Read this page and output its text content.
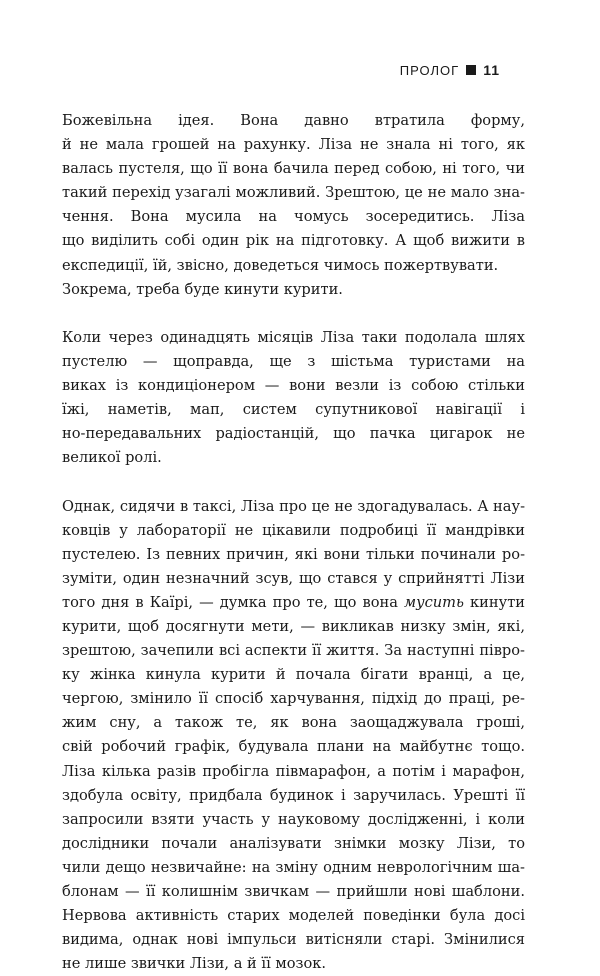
ПРОЛОГ 11
Божевільна ідея. Вона давно втратила форму,
й не мала грошей на рахунку. Ліза не знала ні того, як
валась пустеля, що її вона бачила перед собою, ні того, чи
такий перехід узагалі можливий. Зрештою, це не мало зна-
чення. Вона мусила на чомусь зосередитись. Ліза
що виділить собі один рік на підготовку. А щоб вижити в
експедиції, їй, звісно, доведеться чимось пожертвувати.
Зокрема, треба буде кинути курити.
Коли через одинадцять місяців Ліза таки подолала шлях
пустелю — щоправда, ще з шістьма туристами на
виках із кондиціонером — вони везли із собою стільки
їжі, наметів, мап, систем супутникової навігації і
но-передавальних радіостанцій, що пачка цигарок не
великої ролі.
Однак, сидячи в таксі, Ліза про це не здогадувалась. А нау-
ковців у лабораторії не цікавили подробиці її мандрівки
пустелею. Із певних причин, які вони тільки починали ро-
зуміти, один незначний зсув, що стався у сприйнятті Лізи
того дня в Каїрі, — думка про те, що вона мусить кинути
курити, щоб досягнути мети, — викликав низку змін, які,
зрештою, зачепили всі аспекти її життя. За наступні півро-
ку жінка кинула курити й почала бігати вранці, а це,
чергою, змінило її спосіб харчування, підхід до праці, ре-
жим сну, а також те, як вона заощаджувала гроші,
свій робочий графік, будувала плани на майбутнє тощо.
Ліза кілька разів пробігла півмарафон, а потім і марафон,
здобула освіту, придбала будинок і заручилась. Урешті її
запросили взяти участь у науковому дослідженні, і коли
дослідники почали аналізувати знімки мозку Лізи, то
чили дещо незвичайне: на зміну одним неврологічним ша-
блонам — її колишнім звичкам — прийшли нові шаблони.
Нервова активність старих моделей поведінки була досі
видима, однак нові імпульси витісняли старі. Змінилися
не лише звички Лізи, а й її мозок.
